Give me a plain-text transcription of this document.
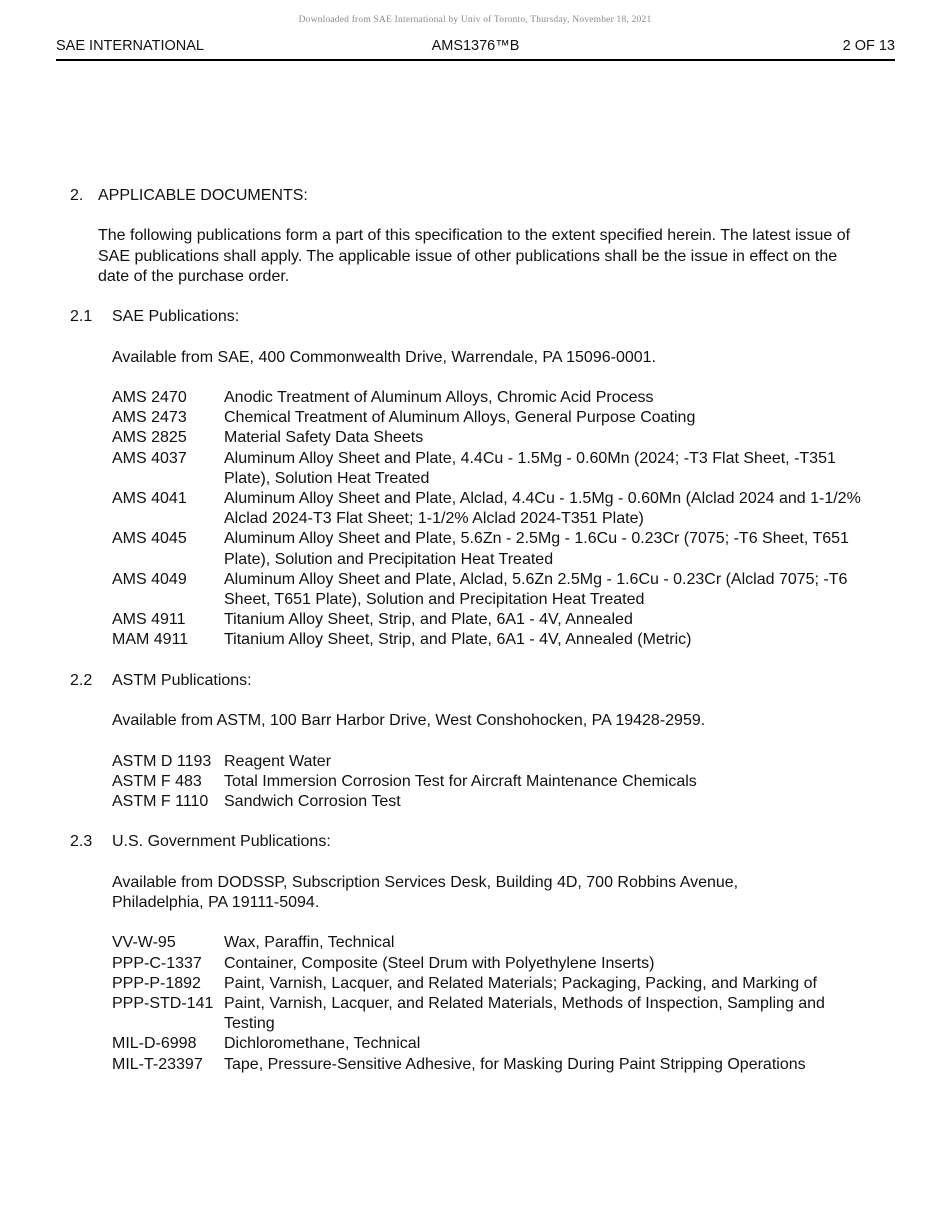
Downloaded from SAE International by Univ of Toronto, Thursday, November 18, 2021
SAE INTERNATIONAL	AMS1376™B	2 OF 13
2. APPLICABLE DOCUMENTS:

The following publications form a part of this specification to the extent specified herein. The latest issue of SAE publications shall apply. The applicable issue of other publications shall be the issue in effect on the date of the purchase order.
2.1 SAE Publications:

Available from SAE, 400 Commonwealth Drive, Warrendale, PA 15096-0001.
AMS 2470 Anodic Treatment of Aluminum Alloys, Chromic Acid Process
AMS 2473 Chemical Treatment of Aluminum Alloys, General Purpose Coating
AMS 2825 Material Safety Data Sheets
AMS 4037 Aluminum Alloy Sheet and Plate, 4.4Cu - 1.5Mg - 0.60Mn (2024; -T3 Flat Sheet, -T351 Plate), Solution Heat Treated
AMS 4041 Aluminum Alloy Sheet and Plate, Alclad, 4.4Cu - 1.5Mg - 0.60Mn (Alclad 2024 and 1-1/2% Alclad 2024-T3 Flat Sheet; 1-1/2% Alclad 2024-T351 Plate)
AMS 4045 Aluminum Alloy Sheet and Plate, 5.6Zn - 2.5Mg - 1.6Cu - 0.23Cr (7075; -T6 Sheet, T651 Plate), Solution and Precipitation Heat Treated
AMS 4049 Aluminum Alloy Sheet and Plate, Alclad, 5.6Zn 2.5Mg - 1.6Cu - 0.23Cr (Alclad 7075; -T6 Sheet, T651 Plate), Solution and Precipitation Heat Treated
AMS 4911 Titanium Alloy Sheet, Strip, and Plate, 6A1 - 4V, Annealed
MAM 4911 Titanium Alloy Sheet, Strip, and Plate, 6A1 - 4V, Annealed (Metric)
2.2 ASTM Publications:

Available from ASTM, 100 Barr Harbor Drive, West Conshohocken, PA 19428-2959.
ASTM D 1193 Reagent Water
ASTM F 483 Total Immersion Corrosion Test for Aircraft Maintenance Chemicals
ASTM F 1110 Sandwich Corrosion Test
2.3 U.S. Government Publications:

Available from DODSSP, Subscription Services Desk, Building 4D, 700 Robbins Avenue, Philadelphia, PA 19111-5094.
VV-W-95	Wax, Paraffin, Technical
PPP-C-1337 Container, Composite (Steel Drum with Polyethylene Inserts)
PPP-P-1892 Paint, Varnish, Lacquer, and Related Materials; Packaging, Packing, and Marking of
PPP-STD-141 Paint, Varnish, Lacquer, and Related Materials, Methods of Inspection, Sampling and Testing
MIL-D-6998 Dichloromethane, Technical
MIL-T-23397 Tape, Pressure-Sensitive Adhesive, for Masking During Paint Stripping Operations
